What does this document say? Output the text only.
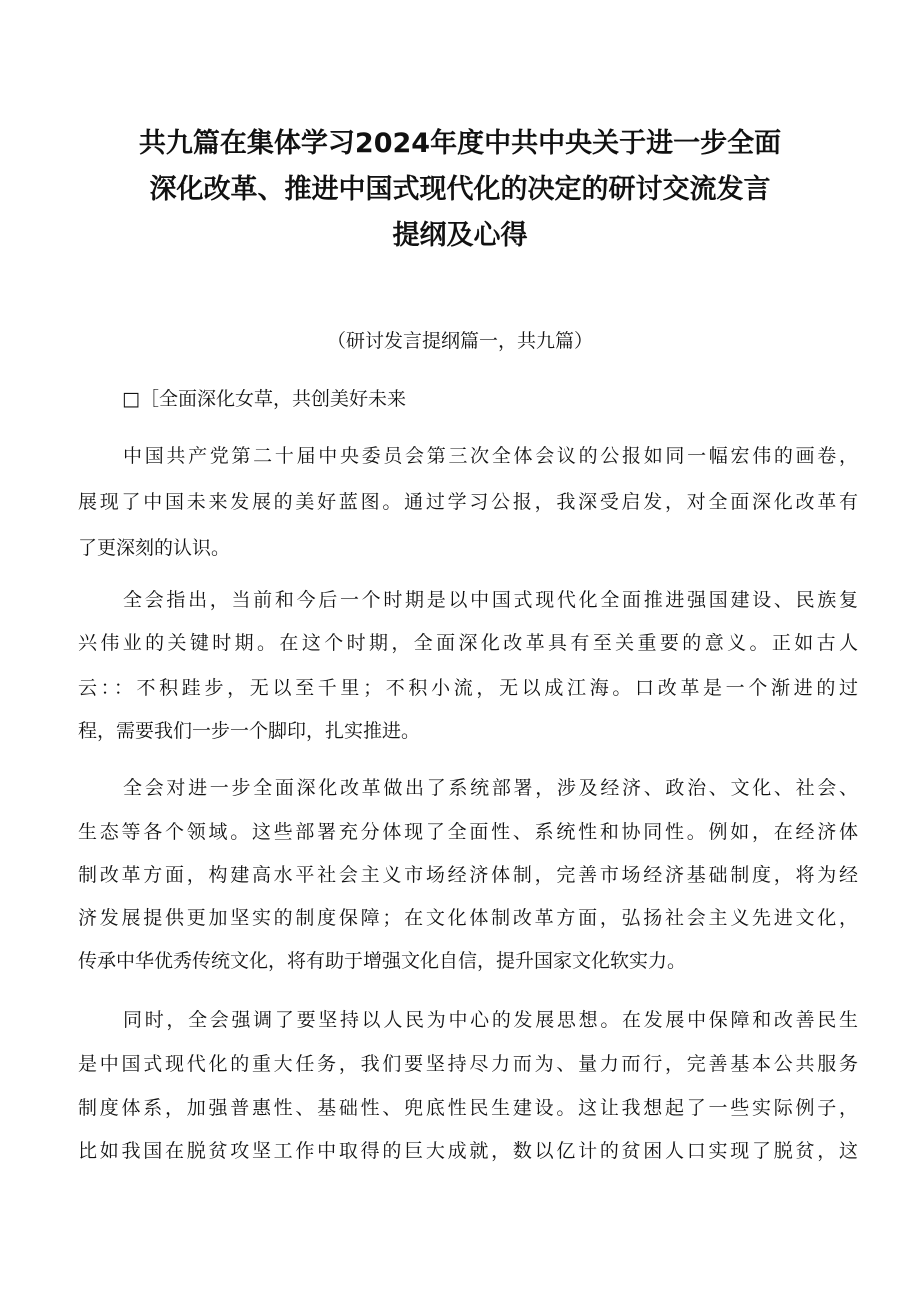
共九篇在集体学习2024年度中共中央关于进一步全面
深化改革、推进中国式现代化的决定的研讨交流发言
提纲及心得
（研讨发言提纲篇一，共九篇）
□［全面深化女草，共创美好未来
中国共产党第二十届中央委员会第三次全体会议的公报如同一幅宏伟的画卷，
展现了中国未来发展的美好蓝图。通过学习公报，我深受启发，对全面深化改革有
了更深刻的认识。
全会指出，当前和今后一个时期是以中国式现代化全面推进强国建设、民族复
兴伟业的关键时期。在这个时期，全面深化改革具有至关重要的意义。正如古人
云：：不积跬步，无以至千里；不积小流，无以成江海。口改革是一个渐进的过
程，需要我们一步一个脚印，扎实推进。
全会对进一步全面深化改革做出了系统部署，涉及经济、政治、文化、社会、
生态等各个领域。这些部署充分体现了全面性、系统性和协同性。例如，在经济体
制改革方面，构建高水平社会主义市场经济体制，完善市场经济基础制度，将为经
济发展提供更加坚实的制度保障；在文化体制改革方面，弘扬社会主义先进文化，
传承中华优秀传统文化，将有助于增强文化自信，提升国家文化软实力。
同时，全会强调了要坚持以人民为中心的发展思想。在发展中保障和改善民生
是中国式现代化的重大任务，我们要坚持尽力而为、量力而行，完善基本公共服务
制度体系，加强普惠性、基础性、兜底性民生建设。这让我想起了一些实际例子，
比如我国在脱贫攻坚工作中取得的巨大成就，数以亿计的贫困人口实现了脱贫，这
